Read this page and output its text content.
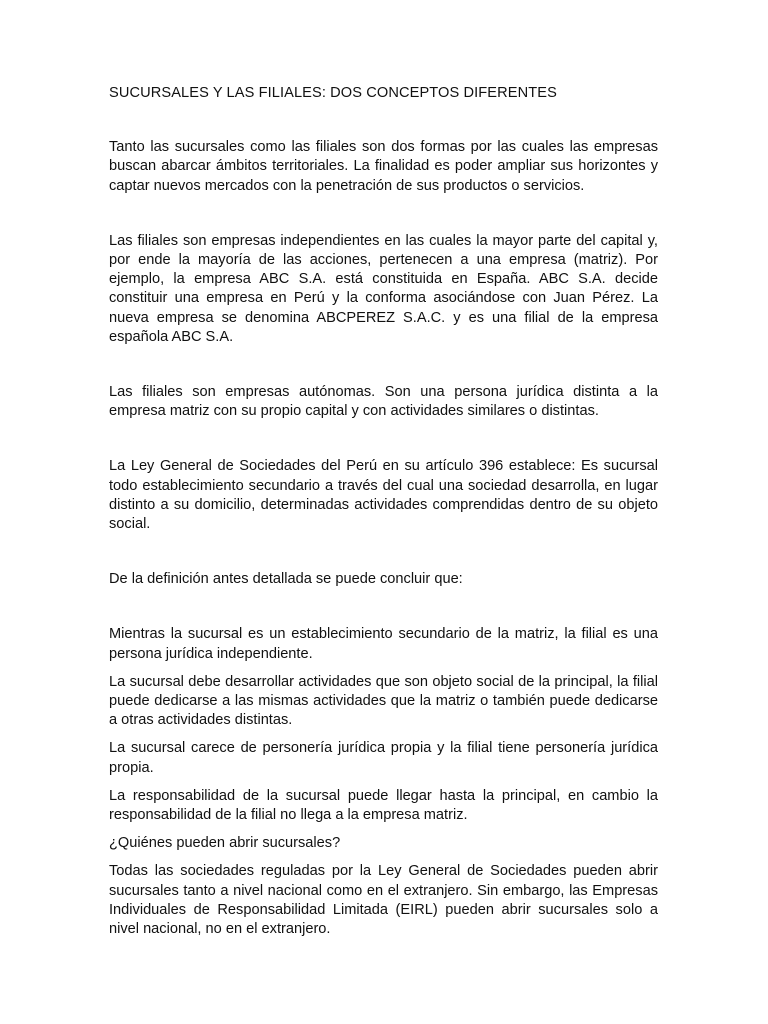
SUCURSALES Y LAS FILIALES: DOS CONCEPTOS DIFERENTES

Tanto las sucursales como las filiales son dos formas por las cuales las empresas buscan abarcar ámbitos territoriales. La finalidad es poder ampliar sus horizontes y captar nuevos mercados con la penetración de sus productos o servicios.

Las filiales son empresas independientes en las cuales la mayor parte del capital y, por ende la mayoría de las acciones, pertenecen a una empresa (matriz). Por ejemplo, la empresa ABC S.A. está constituida en España. ABC S.A. decide constituir una empresa en Perú y la conforma asociándose con Juan Pérez. La nueva empresa se denomina ABCPEREZ S.A.C. y es una filial de la empresa española ABC S.A.

Las filiales son empresas autónomas. Son una persona jurídica distinta a la empresa matriz con su propio capital y con actividades similares o distintas.

La Ley General de Sociedades del Perú en su artículo 396 establece: Es sucursal todo establecimiento secundario a través del cual una sociedad desarrolla, en lugar distinto a su domicilio, determinadas actividades comprendidas dentro de su objeto social.

De la definición antes detallada se puede concluir que:

Mientras la sucursal es un establecimiento secundario de la matriz, la filial es una persona jurídica independiente.

La sucursal debe desarrollar actividades que son objeto social de la principal, la filial puede dedicarse a las mismas actividades que la matriz o también puede dedicarse a otras actividades distintas.

La sucursal carece de personería jurídica propia y la filial tiene personería jurídica propia.

La responsabilidad de la sucursal puede llegar hasta la principal, en cambio la responsabilidad de la filial no llega a la empresa matriz.

¿Quiénes pueden abrir sucursales?

Todas las sociedades reguladas por la Ley General de Sociedades pueden abrir sucursales tanto a nivel nacional como en el extranjero. Sin embargo, las Empresas Individuales de Responsabilidad Limitada (EIRL) pueden abrir sucursales solo a nivel nacional, no en el extranjero.
